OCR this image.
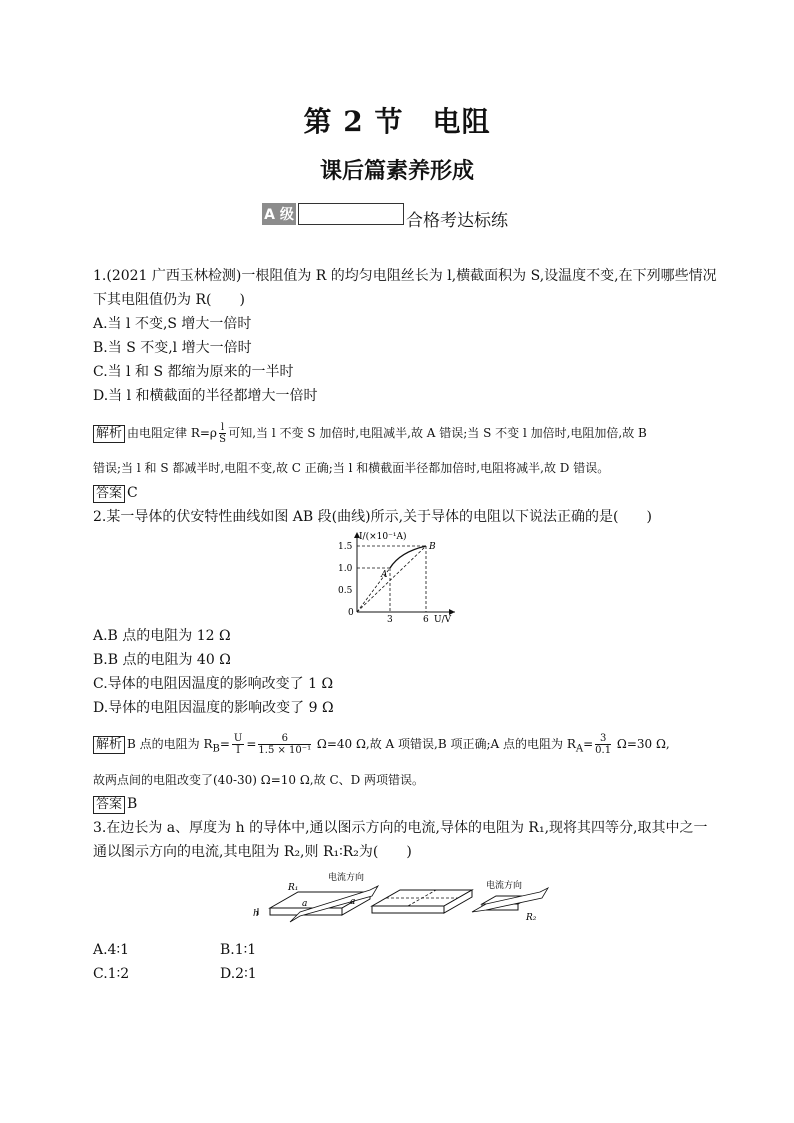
第 2 节　电阻
课后篇素养形成
A 级	合格考达标练
1.(2021 广西玉林检测)一根阻值为 R 的均匀电阻丝长为 l,横截面积为 S,设温度不变,在下列哪些情况
下其电阻值仍为 R(　　)
A.当 l 不变,S 增大一倍时
B.当 S 不变,l 增大一倍时
C.当 l 和 S 都缩为原来的一半时
D.当 l 和横截面的半径都增大一倍时
解析 由电阻定律 $R=\rho \frac{l}{S}$ 可知,当 l 不变 S 加倍时,电阻减半,故 A 错误;当 S 不变 l 加倍时,电阻加倍,故 B
错误;当 l 和 S 都减半时,电阻不变,故 C 正确;当 l 和横截面半径都加倍时,电阻将减半,故 D 错误。
答案 C
2.某一导体的伏安特性曲线如图 AB 段(曲线)所示,关于导体的电阻以下说法正确的是(　　)
I/(×10⁻¹A)
U/V
1.5
1.0
0.5
0
3	6
A
B
A.B 点的电阻为 12 Ω
B.B 点的电阻为 40 Ω
C.导体的电阻因温度的影响改变了 1 Ω
D.导体的电阻因温度的影响改变了 9 Ω
解析 B 点的电阻为 $R_B= \frac{U}{I} = \frac{6}{\text{1.5 × 10⁻¹}} \Omega=40$ Ω,故 A 项错误,B 项正确;A 点的电阻为 $R_A= \frac{3}{0.1} \Omega=30$ Ω,
故两点间的电阻改变了(40-30) Ω=10 Ω,故 C、D 两项错误。
答案 B
3.在边长为 a、厚度为 h 的导体中,通以图示方向的电流,导体的电阻为 R₁,现将其四等分,取其中之一
通以图示方向的电流,其电阻为 R₂,则 R₁∶R₂为(　　)
h
R₁
a	a
电流方向
电流方向
R₂
A.4∶1	B.1∶1
C.1∶2	D.2∶1
